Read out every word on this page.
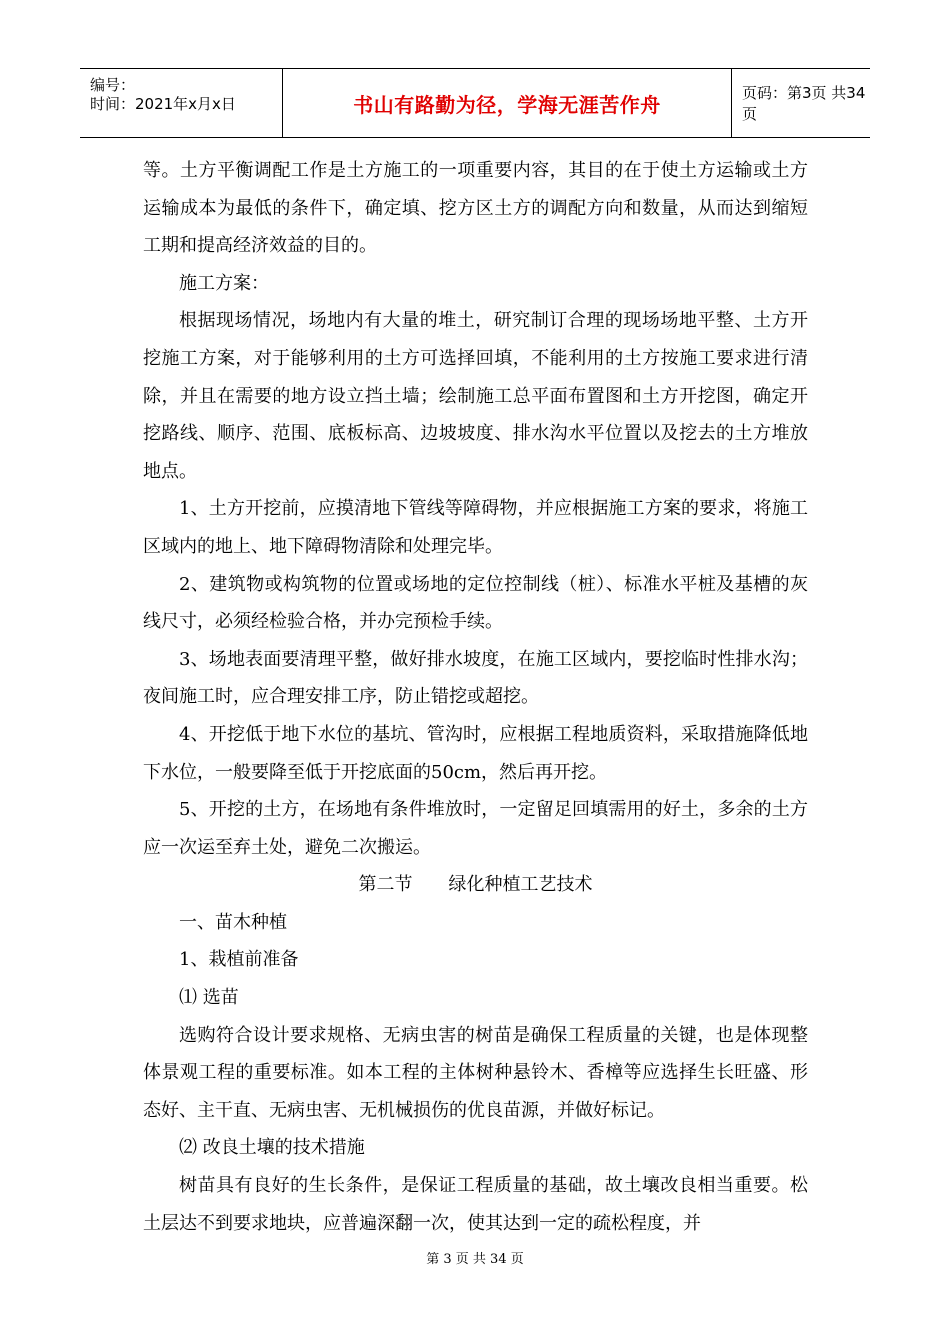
编号：
时间：2021年x月x日	书山有路勤为径，学海无涯苦作舟	页码：第3页 共34页

等。土方平衡调配工作是土方施工的一项重要内容，其目的在于使土方运输或土方运输成本为最低的条件下，确定填、挖方区土方的调配方向和数量，从而达到缩短工期和提高经济效益的目的。

施工方案：

根据现场情况，场地内有大量的堆土，研究制订合理的现场场地平整、土方开挖施工方案，对于能够利用的土方可选择回填，不能利用的土方按施工要求进行清除，并且在需要的地方设立挡土墙；绘制施工总平面布置图和土方开挖图，确定开挖路线、顺序、范围、底板标高、边坡坡度、排水沟水平位置以及挖去的土方堆放地点。

1、土方开挖前，应摸清地下管线等障碍物，并应根据施工方案的要求，将施工区域内的地上、地下障碍物清除和处理完毕。

2、建筑物或构筑物的位置或场地的定位控制线（桩）、标准水平桩及基槽的灰线尺寸，必须经检验合格，并办完预检手续。

3、场地表面要清理平整，做好排水坡度，在施工区域内，要挖临时性排水沟；夜间施工时，应合理安排工序，防止错挖或超挖。

4、开挖低于地下水位的基坑、管沟时，应根据工程地质资料，采取措施降低地下水位，一般要降至低于开挖底面的50cm，然后再开挖。

5、开挖的土方，在场地有条件堆放时，一定留足回填需用的好土，多余的土方应一次运至弃土处，避免二次搬运。

第二节　　绿化种植工艺技术

一、苗木种植

1、栽植前准备

⑴ 选苗

选购符合设计要求规格、无病虫害的树苗是确保工程质量的关键，也是体现整体景观工程的重要标准。如本工程的主体树种悬铃木、香樟等应选择生长旺盛、形态好、主干直、无病虫害、无机械损伤的优良苗源，并做好标记。

⑵ 改良土壤的技术措施

树苗具有良好的生长条件，是保证工程质量的基础，故土壤改良相当重要。松土层达不到要求地块，应普遍深翻一次，使其达到一定的疏松程度，并

第 3 页 共 34 页
